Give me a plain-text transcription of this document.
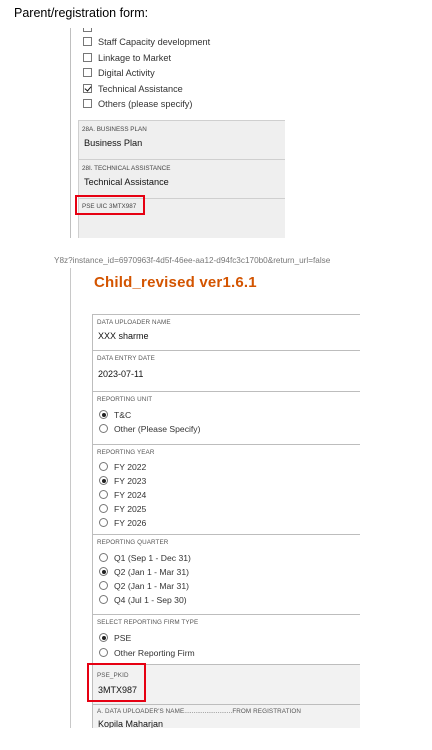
Parent/registration form:
Staff Capacity development
Linkage to Market
Digital Activity
Technical Assistance
Others (please specify)
28A. BUSINESS PLAN
Business Plan
28I. TECHNICAL ASSISTANCE
Technical Assistance
PSE UIC 3MTX987
Y8z?instance_id=6970963f-4d5f-46ee-aa12-d94fc3c170b0&return_url=false
Child_revised ver1.6.1
DATA UPLOADER NAME
XXX sharme
DATA ENTRY DATE
2023-07-11
REPORTING UNIT
T&C
Other (Please Specify)
REPORTING YEAR
FY 2022
FY 2023
FY 2024
FY 2025
FY 2026
REPORTING QUARTER
Q1 (Sep 1 - Dec 31)
Q2 (Jan 1 - Mar 31)
Q2 (Jan 1 - Mar 31)
Q4 (Jul 1 - Sep 30)
SELECT REPORTING FIRM TYPE
PSE
Other Reporting Firm
PSE_PKID
3MTX987
A. DATA UPLOADER'S NAME..........................FROM REGISTRATION
Kopila Maharjan
